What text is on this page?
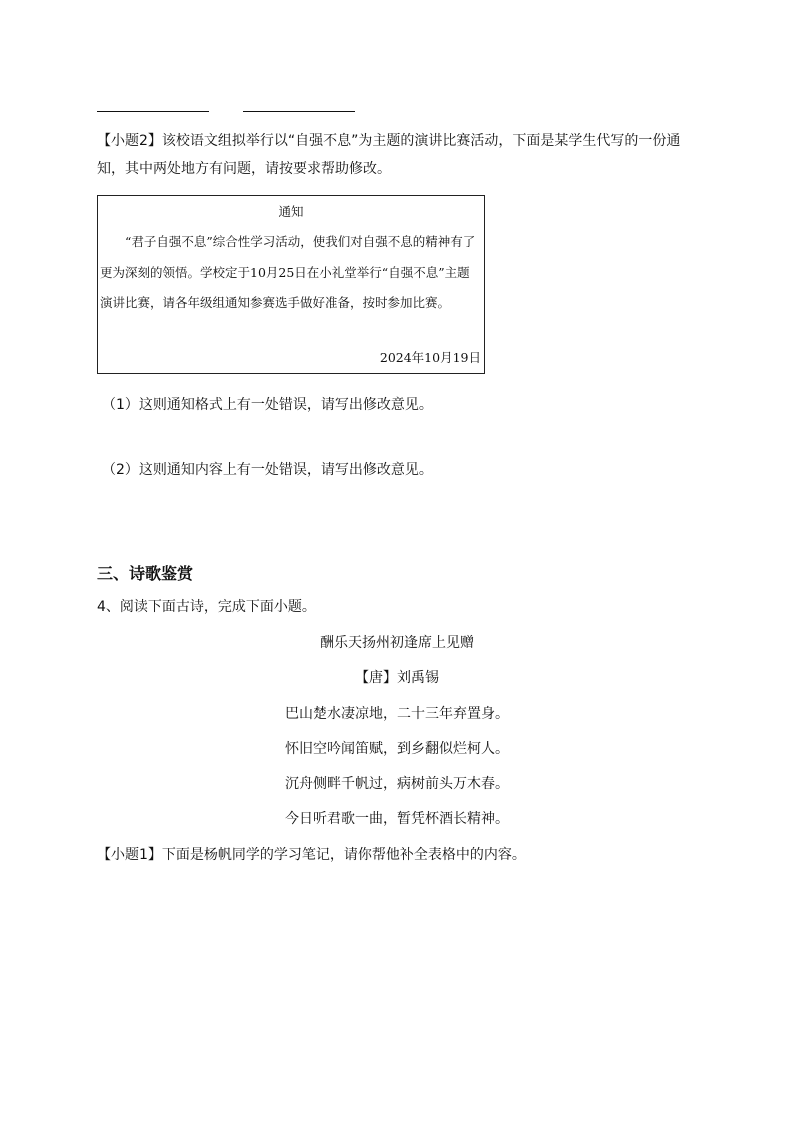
【小题2】该校语文组拟举行以“自强不息”为主题的演讲比赛活动，下面是某学生代写的一份通知，其中两处地方有问题，请按要求帮助修改。
通知
“君子自强不息”综合性学习活动，使我们对自强不息的精神有了更为深刻的领悟。学校定于10月25日在小礼堂举行“自强不息”主题演讲比赛，请各年级组通知参赛选手做好准备，按时参加比赛。
2024年10月19日
（1）这则通知格式上有一处错误，请写出修改意见。
（2）这则通知内容上有一处错误，请写出修改意见。
三、诗歌鉴赏
4、阅读下面古诗，完成下面小题。
酬乐天扬州初逢席上见赠
【唐】刘禹锡
巴山楚水凄凉地，二十三年弃置身。
怀旧空吟闻笛赋，到乡翻似烂柯人。
沉舟侧畔千帆过，病树前头万木春。
今日听君歌一曲，暂凭杯酒长精神。
【小题1】下面是杨帆同学的学习笔记，请你帮他补全表格中的内容。
